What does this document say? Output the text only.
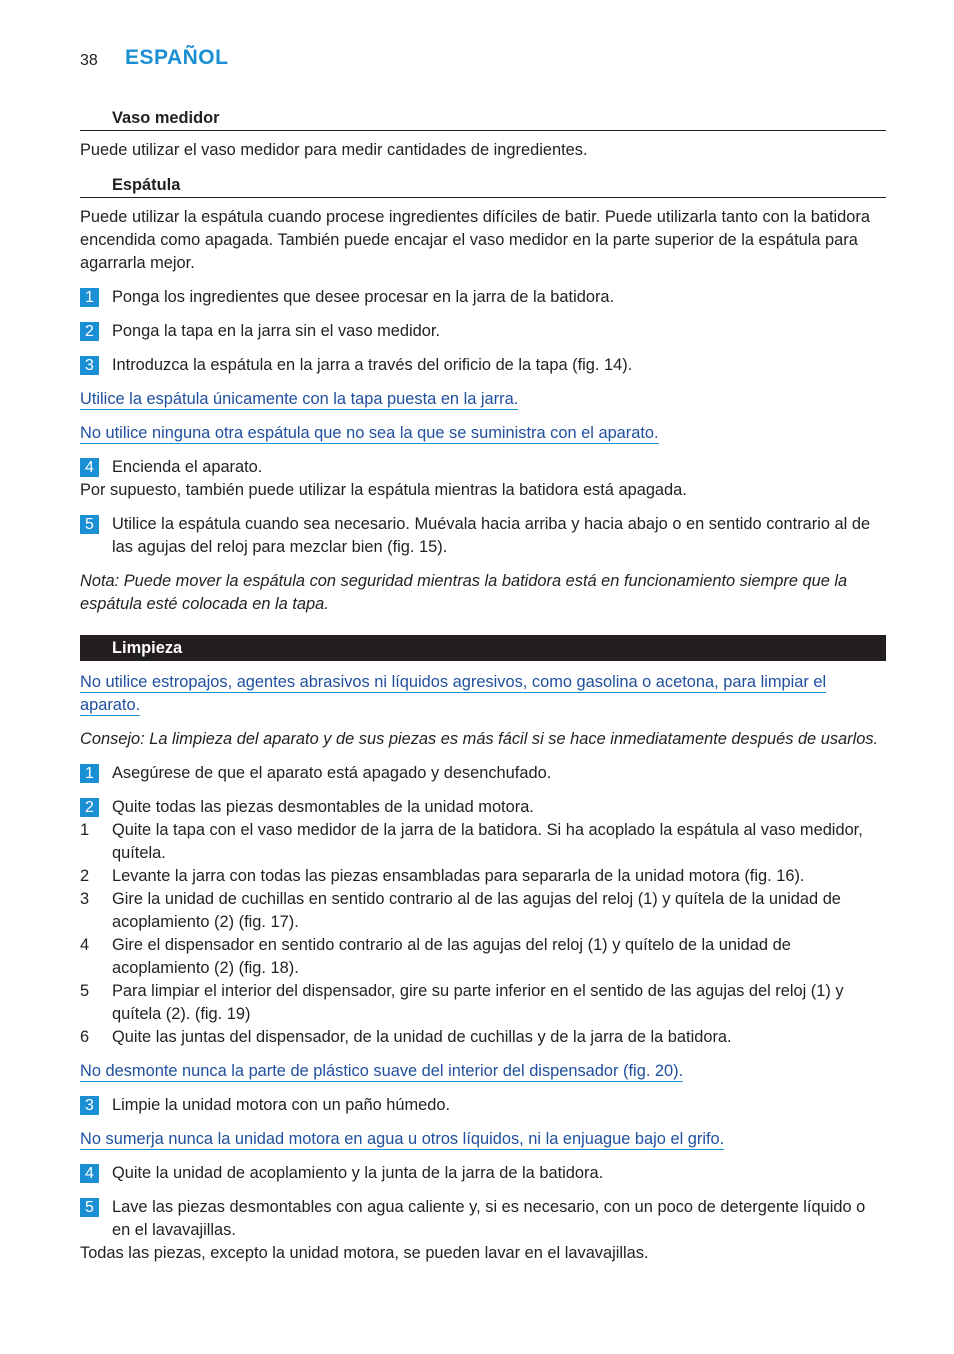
38 ESPAÑOL
Vaso medidor

Puede utilizar el vaso medidor para medir cantidades de ingredientes.

Espátula

Puede utilizar la espátula cuando procese ingredientes difíciles de batir. Puede utilizarla tanto con la batidora encendida como apagada. También puede encajar el vaso medidor en la parte superior de la espátula para agarrarla mejor.

1	Ponga los ingredientes que desee procesar en la jarra de la batidora.
2	Ponga la tapa en la jarra sin el vaso medidor.
3	Introduzca la espátula en la jarra a través del orificio de la tapa (fig. 14).

Utilice la espátula únicamente con la tapa puesta en la jarra.

No utilice ninguna otra espátula que no sea la que se suministra con el aparato.

4	Encienda el aparato.

Por supuesto, también puede utilizar la espátula mientras la batidora está apagada.

5	Utilice la espátula cuando sea necesario. Muévala hacia arriba y hacia abajo o en sentido contrario al de las agujas del reloj para mezclar bien (fig. 15).

Nota: Puede mover la espátula con seguridad mientras la batidora está en funcionamiento siempre que la espátula esté colocada en la tapa.

Limpieza

No utilice estropajos, agentes abrasivos ni líquidos agresivos, como gasolina o acetona, para limpiar el aparato.

Consejo: La limpieza del aparato y de sus piezas es más fácil si se hace inmediatamente después de usarlos.

1	Asegúrese de que el aparato está apagado y desenchufado.
2	Quite todas las piezas desmontables de la unidad motora.
1	Quite la tapa con el vaso medidor de la jarra de la batidora. Si ha acoplado la espátula al vaso medidor, quítela.
2	Levante la jarra con todas las piezas ensambladas para separarla de la unidad motora (fig. 16).
3	Gire la unidad de cuchillas en sentido contrario al de las agujas del reloj (1) y quítela de la unidad de acoplamiento (2) (fig. 17).
4	Gire el dispensador en sentido contrario al de las agujas del reloj (1) y quítelo de la unidad de acoplamiento (2) (fig. 18).
5	Para limpiar el interior del dispensador, gire su parte inferior en el sentido de las agujas del reloj (1) y quítela (2). (fig. 19)
6	Quite las juntas del dispensador, de la unidad de cuchillas y de la jarra de la batidora.

No desmonte nunca la parte de plástico suave del interior del dispensador (fig. 20).

3	Limpie la unidad motora con un paño húmedo.

No sumerja nunca la unidad motora en agua u otros líquidos, ni la enjuague bajo el grifo.

4	Quite la unidad de acoplamiento y la junta de la jarra de la batidora.
5	Lave las piezas desmontables con agua caliente y, si es necesario, con un poco de detergente líquido o en el lavavajillas.

Todas las piezas, excepto la unidad motora, se pueden lavar en el lavavajillas.
